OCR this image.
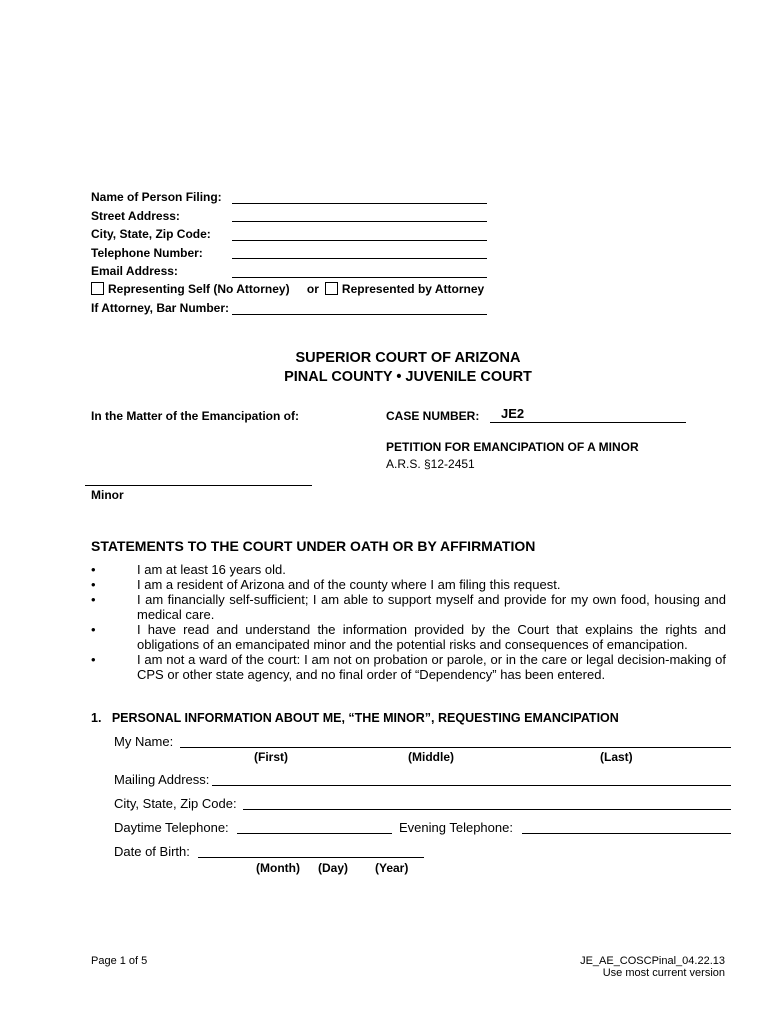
Name of Person Filing:
Street Address:
City, State, Zip Code:
Telephone Number:
Email Address:
Representing Self (No Attorney) or Represented by Attorney
If Attorney, Bar Number:
SUPERIOR COURT OF ARIZONA
PINAL COUNTY • JUVENILE COURT
In the Matter of the Emancipation of:	CASE NUMBER: JE2
PETITION FOR EMANCIPATION OF A MINOR
A.R.S. §12-2451
Minor
STATEMENTS TO THE COURT UNDER OATH OR BY AFFIRMATION
•	I am at least 16 years old.
•	I am a resident of Arizona and of the county where I am filing this request.
•	I am financially self-sufficient; I am able to support myself and provide for my own food, housing and medical care.
•	I have read and understand the information provided by the Court that explains the rights and obligations of an emancipated minor and the potential risks and consequences of emancipation.
•	I am not a ward of the court: I am not on probation or parole, or in the care or legal decision-making of CPS or other state agency, and no final order of “Dependency” has been entered.
1.   PERSONAL INFORMATION ABOUT ME, “THE MINOR”, REQUESTING EMANCIPATION
My Name:
(First)	(Middle)	(Last)
Mailing Address:
City, State, Zip Code:
Daytime Telephone:	Evening Telephone:
Date of Birth:
(Month) (Day) (Year)
Page 1 of 5	JE_AE_COSCPinal_04.22.13
Use most current version
